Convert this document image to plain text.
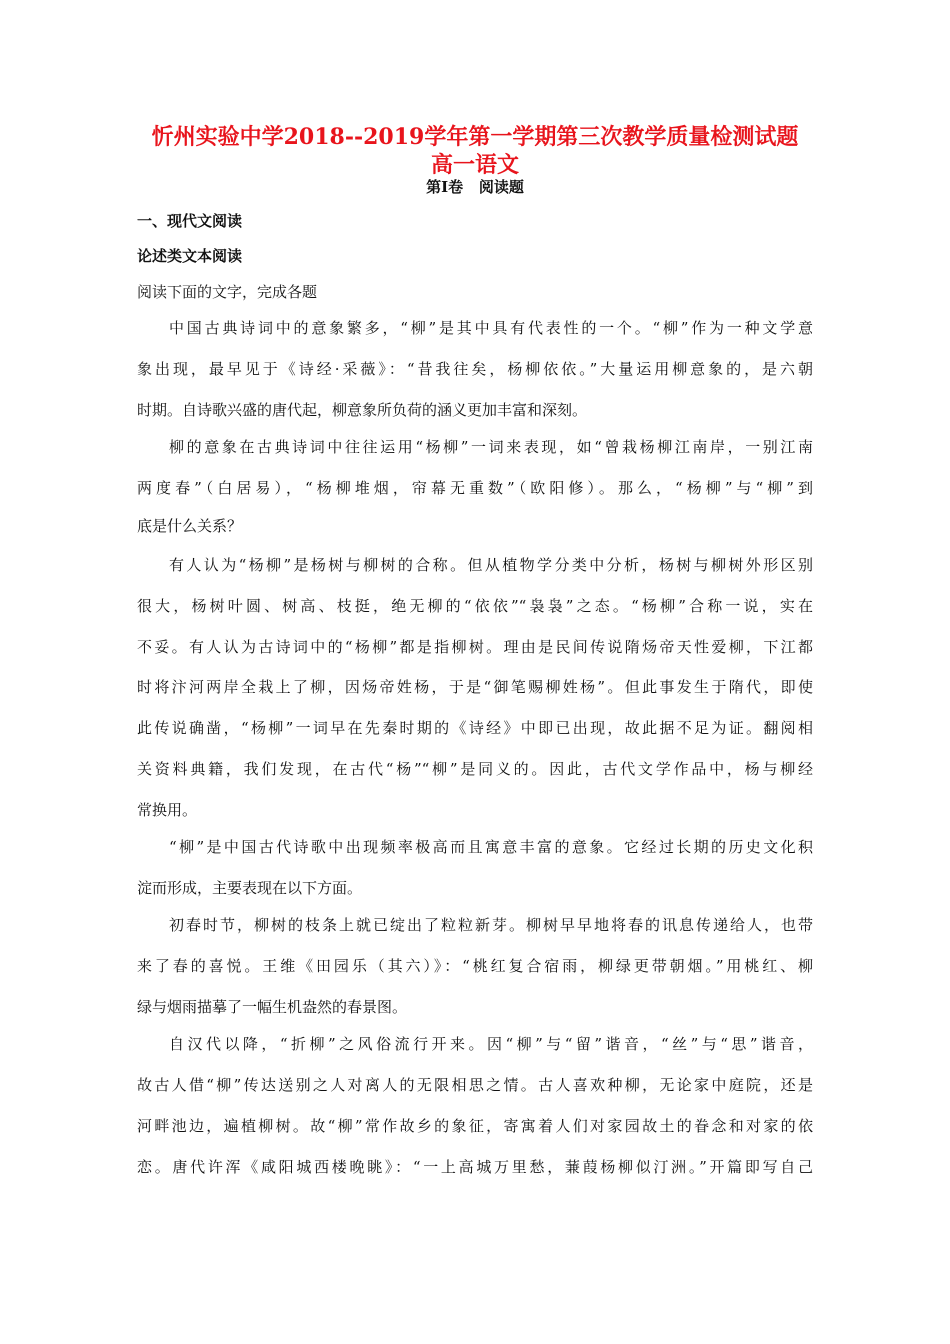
忻州实验中学2018--2019学年第一学期第三次教学质量检测试题
高一语文
第Ⅰ卷   阅读题
一、现代文阅读
论述类文本阅读
阅读下面的文字，完成各题
中国古典诗词中的意象繁多，“柳”是其中具有代表性的一个。“柳”作为一种文学意
象出现，最早见于《诗经·采薇》：“昔我往矣，杨柳依依。”大量运用柳意象的，是六朝
时期。自诗歌兴盛的唐代起，柳意象所负荷的涵义更加丰富和深刻。
柳的意象在古典诗词中往往运用“杨柳”一词来表现，如“曾栽杨柳江南岸，一别江南
两度春”（白居易），“杨柳堆烟，帘幕无重数”（欧阳修）。那么，“杨柳”与“柳”到
底是什么关系？
有人认为“杨柳”是杨树与柳树的合称。但从植物学分类中分析，杨树与柳树外形区别
很大，杨树叶圆、树高、枝挺，绝无柳的“依依”“袅袅”之态。“杨柳”合称一说，实在
不妥。有人认为古诗词中的“杨柳”都是指柳树。理由是民间传说隋炀帝天性爱柳，下江都
时将汴河两岸全栽上了柳，因炀帝姓杨，于是“御笔赐柳姓杨”。但此事发生于隋代，即使
此传说确凿，“杨柳”一词早在先秦时期的《诗经》中即已出现，故此据不足为证。翻阅相
关资料典籍，我们发现，在古代“杨”“柳”是同义的。因此，古代文学作品中，杨与柳经
常换用。
“柳”是中国古代诗歌中出现频率极高而且寓意丰富的意象。它经过长期的历史文化积
淀而形成，主要表现在以下方面。
初春时节，柳树的枝条上就已绽出了粒粒新芽。柳树早早地将春的讯息传递给人，也带
来了春的喜悦。王维《田园乐（其六）》：“桃红复合宿雨，柳绿更带朝烟。”用桃红、柳
绿与烟雨描摹了一幅生机盎然的春景图。
自汉代以降，“折柳”之风俗流行开来。因“柳”与“留”谐音，“丝”与“思”谐音，
故古人借“柳”传达送别之人对离人的无限相思之情。古人喜欢种柳，无论家中庭院，还是
河畔池边，遍植柳树。故“柳”常作故乡的象征，寄寓着人们对家园故土的眷念和对家的依
恋。唐代许浑《咸阳城西楼晚眺》：“一上高城万里愁，蒹葭杨柳似汀洲。”开篇即写自己
